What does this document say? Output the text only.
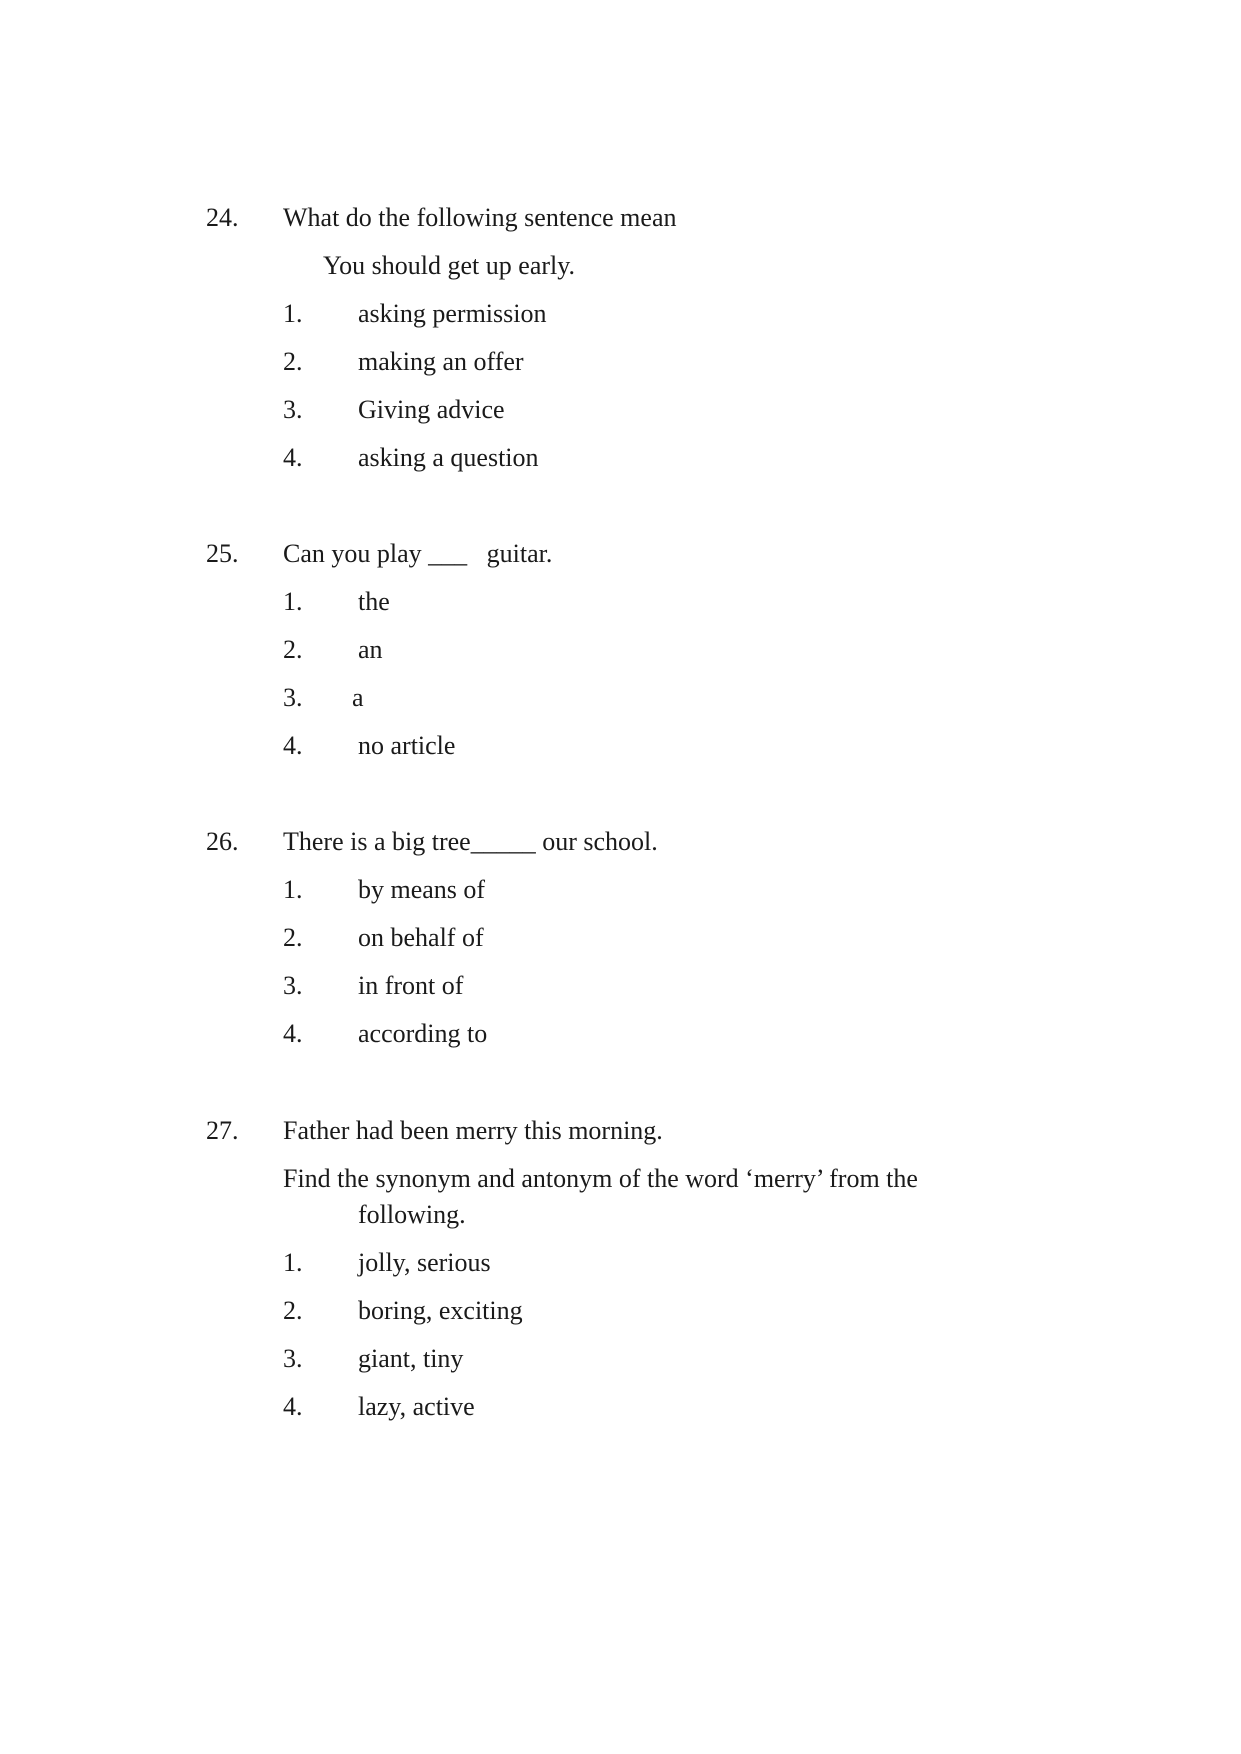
24. What do the following sentence mean
You should get up early.
1. asking permission
2. making an offer
3. Giving advice
4. asking a question
25. Can you play ___   guitar.
1. the
2. an
3. a
4. no article
26. There is a big tree_____ our school.
1. by means of
2. on behalf of
3. in front of
4. according to
27. Father had been merry this morning.
Find the synonym and antonym of the word ‘merry’ from the
following.
1. jolly, serious
2. boring, exciting
3. giant, tiny
4. lazy, active
